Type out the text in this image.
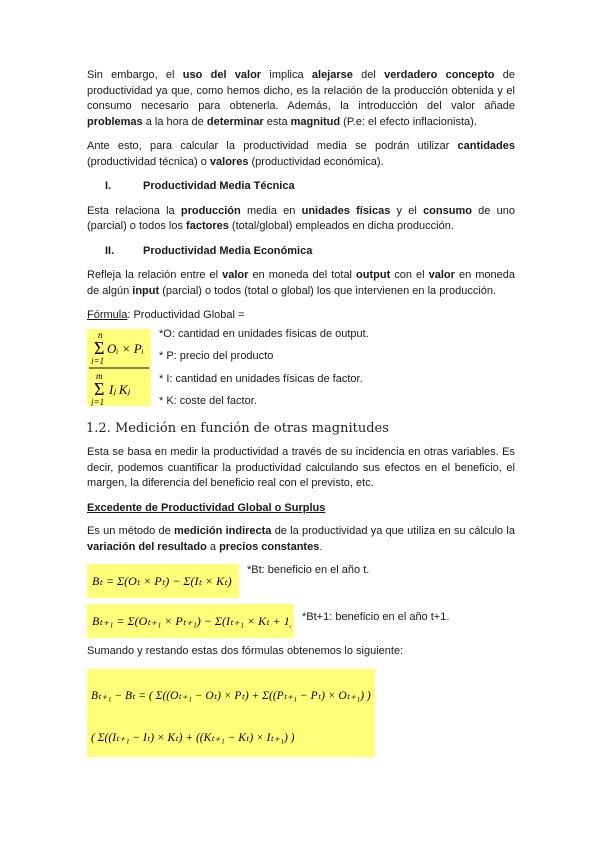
Sin embargo, el uso del valor implica alejarse del verdadero concepto de productividad ya que, como hemos dicho, es la relación de la producción obtenida y el consumo necesario para obtenerla. Además, la introducción del valor añade problemas a la hora de determinar esta magnitud (P.e: el efecto inflacionista).

Ante esto, para calcular la productividad media se podrán utilizar cantidades (productividad técnica) o valores (productividad económica).

I.	Productividad Media Técnica

Esta relaciona la producción media en unidades físicas y el consumo de uno (parcial) o todos los factores (total/global) empleados en dicha producción.

II.	Productividad Media Económica

Refleja la relación entre el valor en moneda del total output con el valor en moneda de algún input (parcial) o todos (total o global) los que intervienen en la producción.

Fórmula: Productividad Global =

n
Σ Oᵢ × Pᵢ
i=1
m
Σ Iⱼ Kⱼ
j=1
*O: cantidad en unidades físicas de output.
* P: precio del producto
* I: cantidad en unidades físicas de factor.
* K: coste del factor.
1.2. Medición en función de otras magnitudes

Esta se basa en medir la productividad a través de su incidencia en otras variables. Es decir, podemos cuantificar la productividad calculando sus efectos en el beneficio, el margen, la diferencia del beneficio real con el previsto, etc.

Excedente de Productividad Global o Surplus

Es un método de medición indirecta de la productividad ya que utiliza en su cálculo la variación del resultado a precios constantes.

Bₜ = Σ(Oₜ × Pₜ) − Σ(Iₜ × Kₜ)
*Bt: beneficio en el año t.
Bₜ₊₁ = Σ(Oₜ₊₁ × Pₜ₊₁) − Σ(Iₜ₊₁ × Kₜ + 1) *Bt+1: beneficio en el año t+1.

Sumando y restando estas dos fórmulas obtenemos lo siguiente:

Bₜ₊₁ − Bₜ = ( Σ((Oₜ₊₁ − Oₜ) × Pₜ) + Σ((Pₜ₊₁ − Pₜ) × Oₜ₊₁) ) −
( Σ((Iₜ₊₁ − Iₜ) × Kₜ) + ((Kₜ₊₁ − Kₜ) × Iₜ₊₁) )
